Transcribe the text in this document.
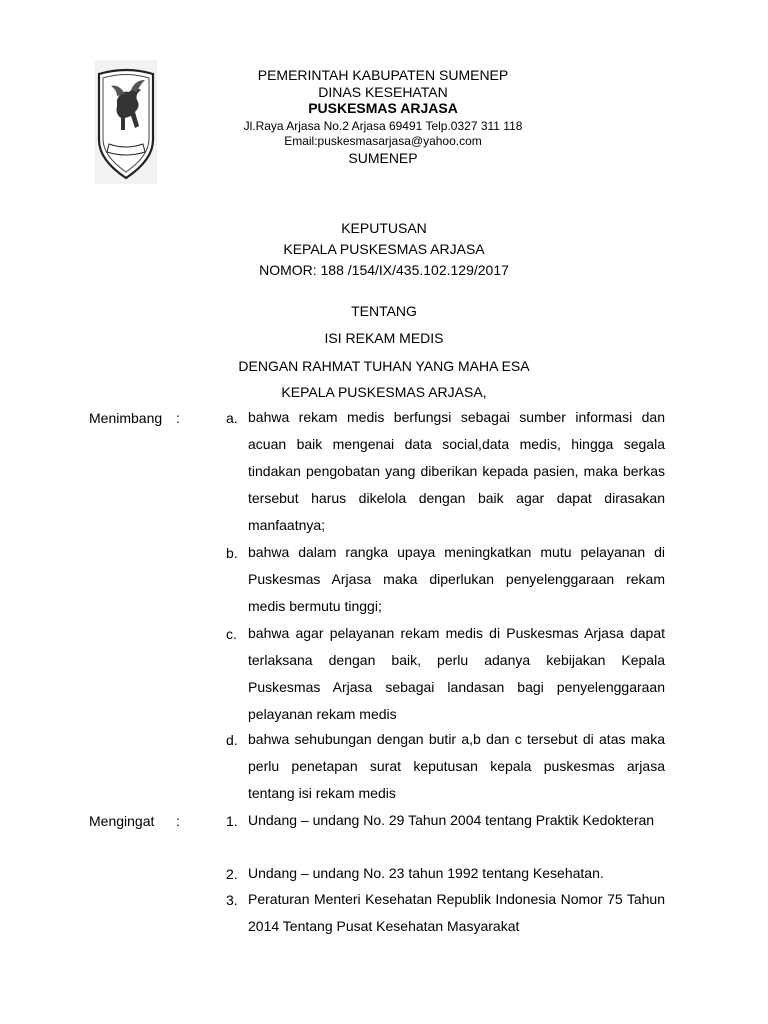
PEMERINTAH KABUPATEN SUMENEP
DINAS KESEHATAN
PUSKESMAS ARJASA
Jl.Raya Arjasa No.2 Arjasa 69491 Telp.0327 311 118
Email:puskesmasarjasa@yahoo.com
SUMENEP
KEPUTUSAN
KEPALA PUSKESMAS ARJASA
NOMOR: 188 /154/IX/435.102.129/2017
TENTANG
ISI REKAM MEDIS
DENGAN RAHMAT TUHAN YANG MAHA ESA
KEPALA PUSKESMAS ARJASA,
Menimbang :	a. bahwa rekam medis berfungsi sebagai sumber informasi dan acuan baik mengenai data social,data medis, hingga segala tindakan pengobatan yang diberikan kepada pasien, maka berkas tersebut harus dikelola dengan baik agar dapat dirasakan manfaatnya;
b. bahwa dalam rangka upaya meningkatkan mutu pelayanan di Puskesmas Arjasa maka diperlukan penyelenggaraan rekam medis bermutu tinggi;
c. bahwa agar pelayanan rekam medis di Puskesmas Arjasa dapat terlaksana dengan baik, perlu adanya kebijakan Kepala Puskesmas Arjasa sebagai landasan bagi penyelenggaraan pelayanan rekam medis
d. bahwa sehubungan dengan butir a,b dan c tersebut di atas maka perlu penetapan surat keputusan kepala puskesmas arjasa tentang isi rekam medis
Mengingat :	1. Undang – undang No. 29 Tahun 2004 tentang Praktik Kedokteran
2. Undang – undang No. 23 tahun 1992 tentang Kesehatan.
3. Peraturan Menteri Kesehatan Republik Indonesia Nomor 75 Tahun 2014 Tentang Pusat Kesehatan Masyarakat
